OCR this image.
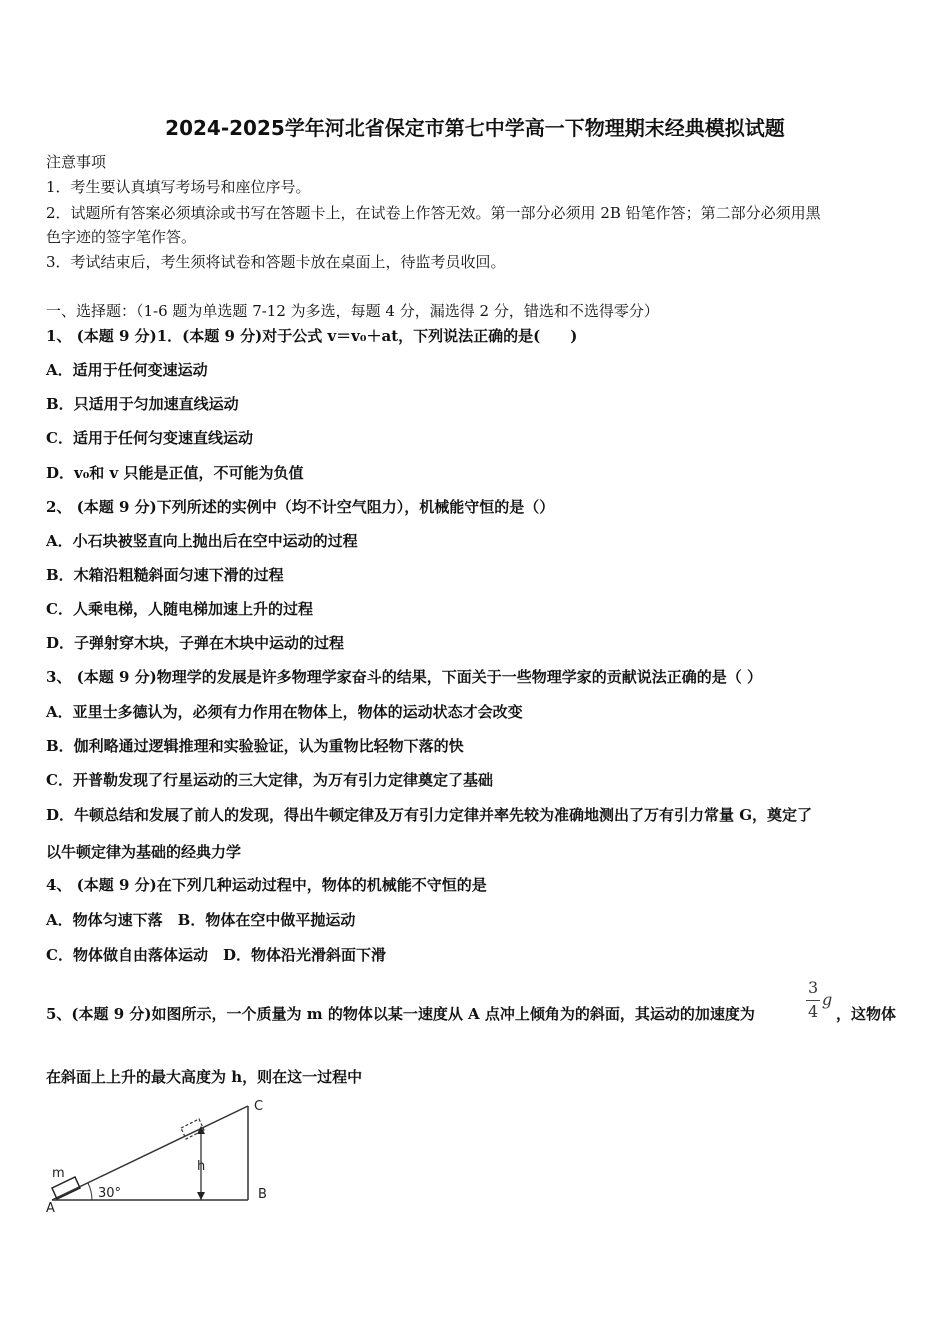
2024-2025学年河北省保定市第七中学高一下物理期末经典模拟试题
注意事项
1．考生要认真填写考场号和座位序号。
2．试题所有答案必须填涂或书写在答题卡上，在试卷上作答无效。第一部分必须用 2B 铅笔作答；第二部分必须用黑
色字迹的签字笔作答。
3．考试结束后，考生须将试卷和答题卡放在桌面上，待监考员收回。
一、选择题：（1-6 题为单选题 7-12 为多选，每题 4 分，漏选得 2 分，错选和不选得零分）
1、 (本题 9 分)1．(本题 9 分)对于公式 v＝v₀＋at，下列说法正确的是(　　)
A．适用于任何变速运动
B．只适用于匀加速直线运动
C．适用于任何匀变速直线运动
D．v₀和 v 只能是正值，不可能为负值
2、 (本题 9 分)下列所述的实例中（均不计空气阻力），机械能守恒的是（）
A．小石块被竖直向上抛出后在空中运动的过程
B．木箱沿粗糙斜面匀速下滑的过程
C．人乘电梯，人随电梯加速上升的过程
D．子弹射穿木块，子弹在木块中运动的过程
3、 (本题 9 分)物理学的发展是许多物理学家奋斗的结果，下面关于一些物理学家的贡献说法正确的是（ ）
A．亚里士多德认为，必须有力作用在物体上，物体的运动状态才会改变
B．伽利略通过逻辑推理和实验验证，认为重物比轻物下落的快
C．开普勒发现了行星运动的三大定律，为万有引力定律奠定了基础
D．牛顿总结和发展了前人的发现，得出牛顿定律及万有引力定律并率先较为准确地测出了万有引力常量 G，奠定了
以牛顿定律为基础的经典力学
4、 (本题 9 分)在下列几种运动过程中，物体的机械能不守恒的是
A．物体匀速下落　B．物体在空中做平抛运动
C．物体做自由落体运动　D．物体沿光滑斜面下滑
5、(本题 9 分)如图所示，一个质量为 m 的物体以某一速度从 A 点冲上倾角为的斜面，其运动的加速度为
3
4
g
，这物体
在斜面上上升的最大高度为 h，则在这一过程中
m
A
B
C
h
30°
